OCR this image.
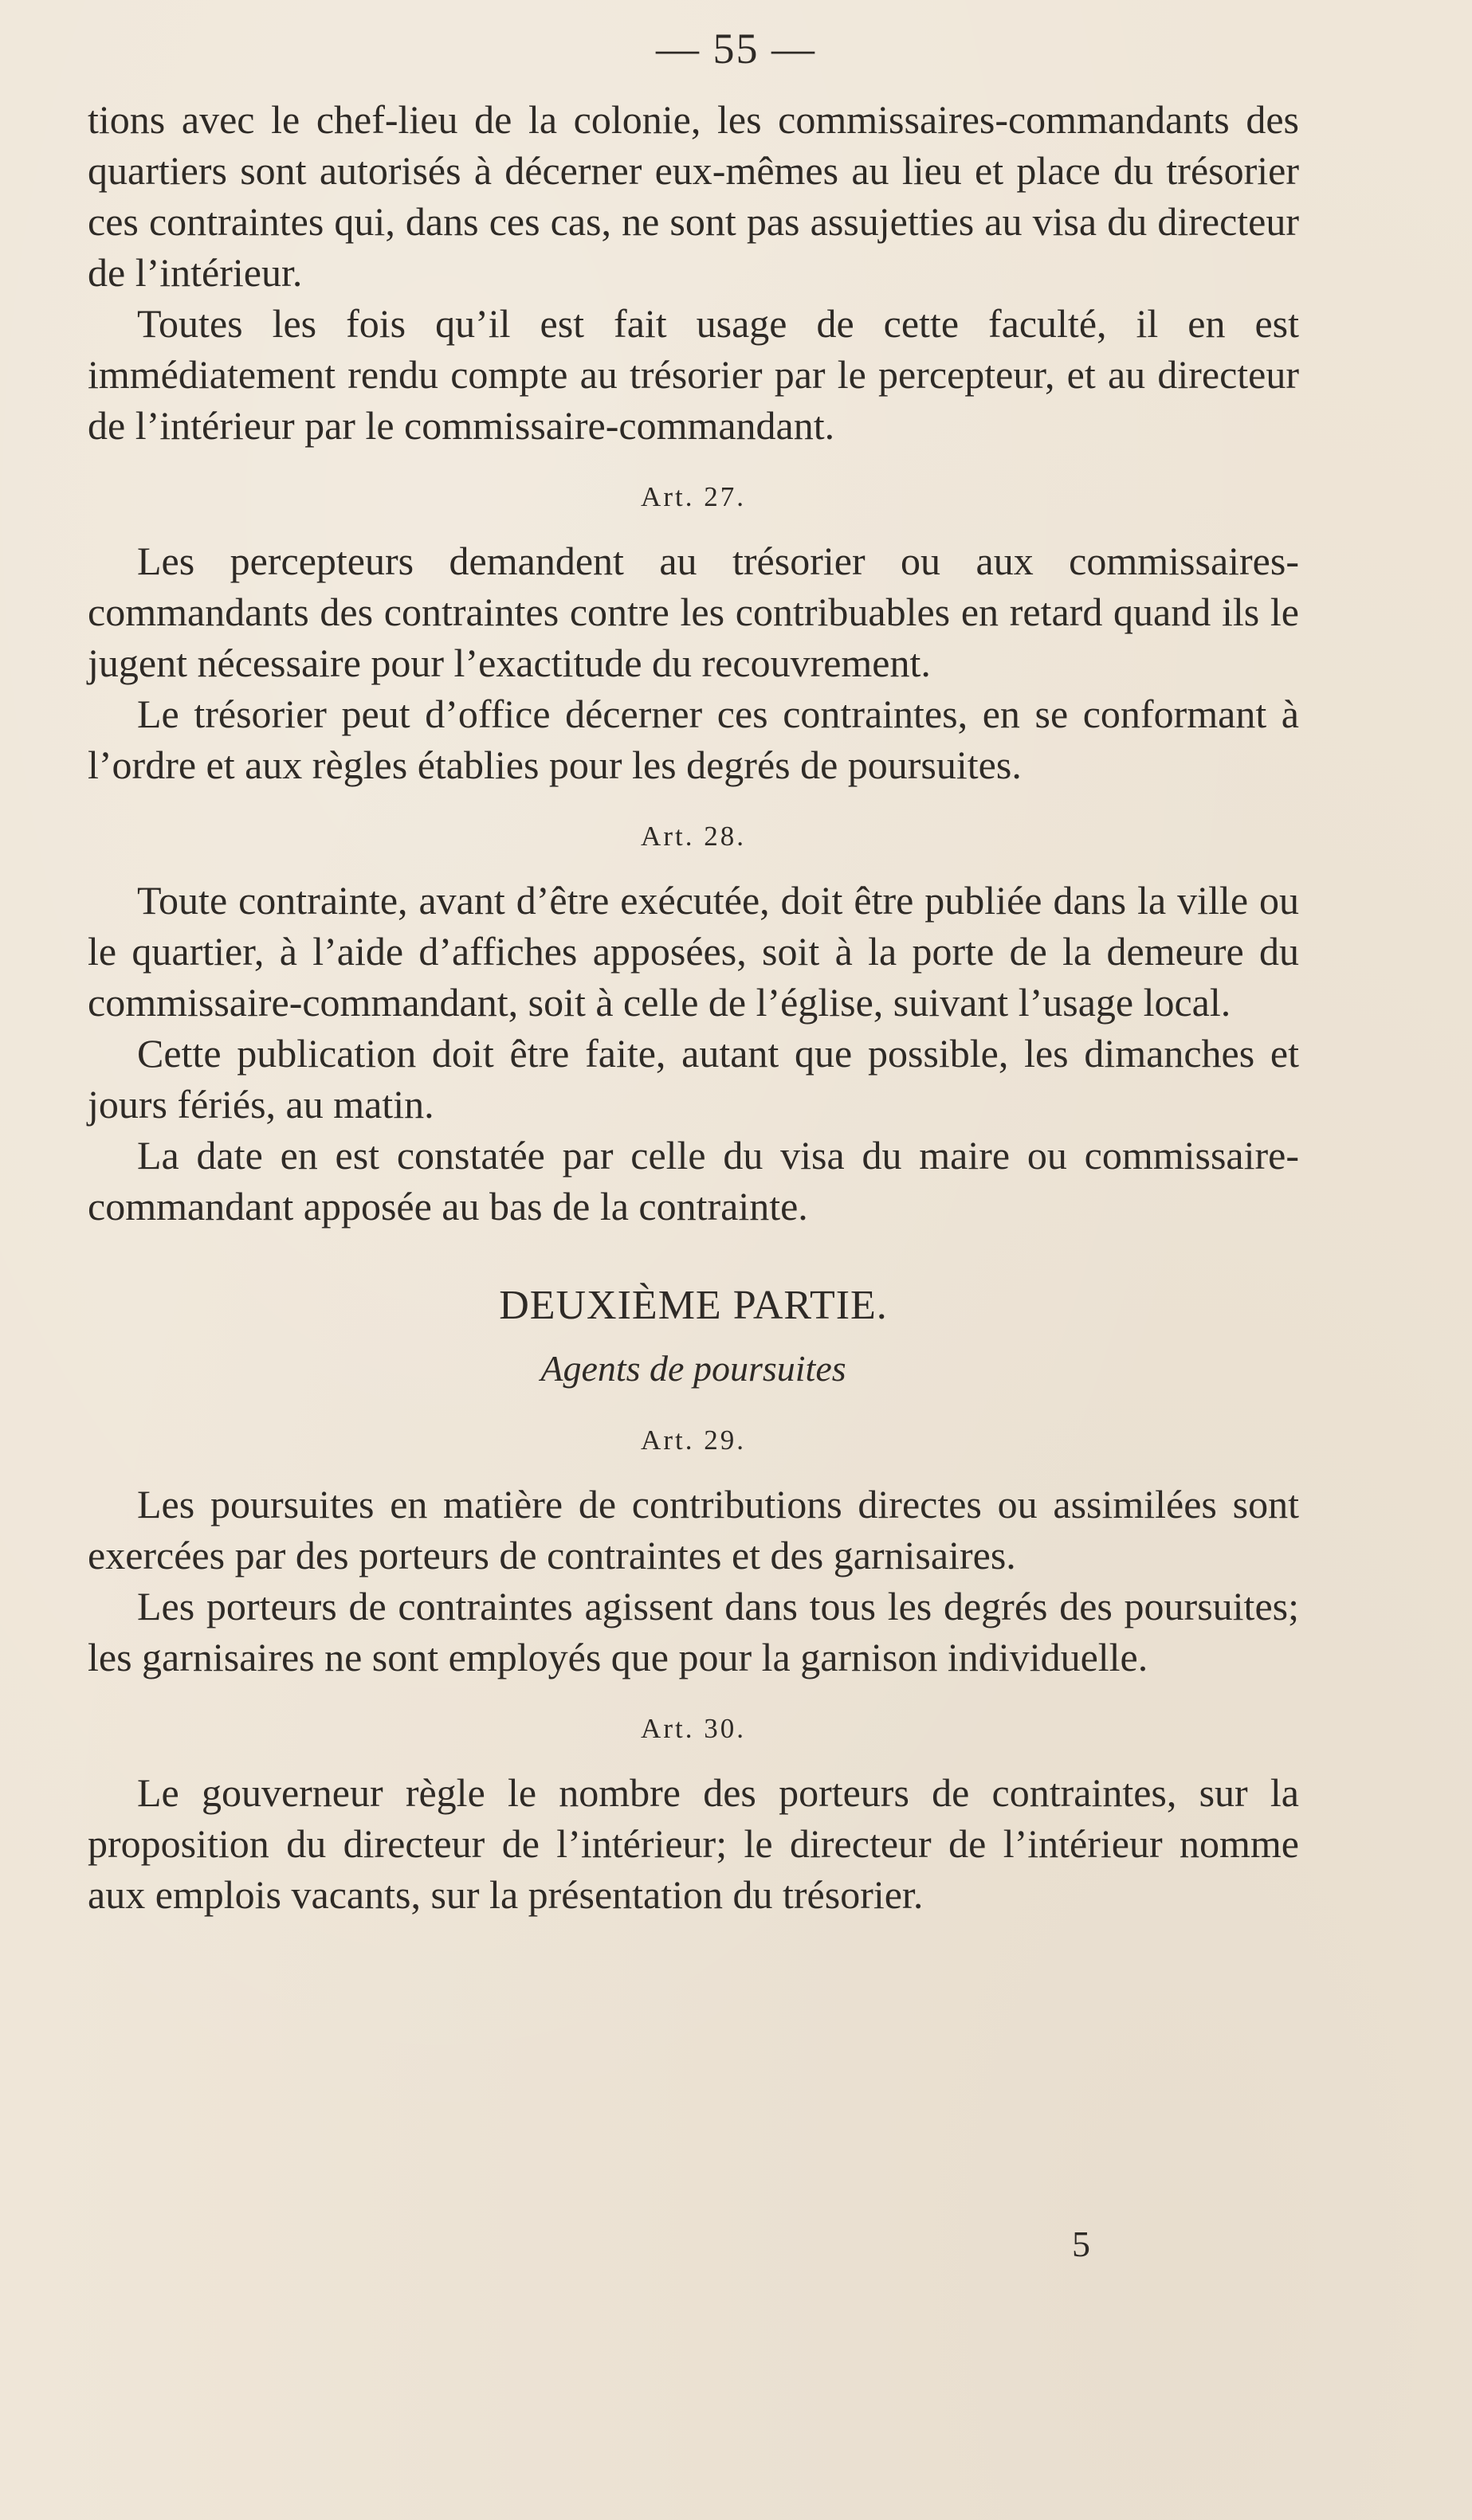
— 55 —

tions avec le chef-lieu de la colonie, les commissaires-commandants des quartiers sont autorisés à décerner eux-mêmes au lieu et place du trésorier ces contraintes qui, dans ces cas, ne sont pas assujetties au visa du directeur de l’intérieur.

Toutes les fois qu’il est fait usage de cette faculté, il en est immédiatement rendu compte au trésorier par le percepteur, et au directeur de l’intérieur par le commissaire-commandant.

Art. 27.

Les percepteurs demandent au trésorier ou aux commissaires-commandants des contraintes contre les contribuables en retard quand ils le jugent nécessaire pour l’exactitude du recouvrement.

Le trésorier peut d’office décerner ces contraintes, en se conformant à l’ordre et aux règles établies pour les degrés de poursuites.

Art. 28.

Toute contrainte, avant d’être exécutée, doit être publiée dans la ville ou le quartier, à l’aide d’affiches apposées, soit à la porte de la demeure du commissaire-commandant, soit à celle de l’église, suivant l’usage local.

Cette publication doit être faite, autant que possible, les dimanches et jours fériés, au matin.

La date en est constatée par celle du visa du maire ou commissaire-commandant apposée au bas de la contrainte.

DEUXIÈME PARTIE.
Agents de poursuites
Art. 29.

Les poursuites en matière de contributions directes ou assimilées sont exercées par des porteurs de contraintes et des garnisaires.

Les porteurs de contraintes agissent dans tous les degrés des poursuites; les garnisaires ne sont employés que pour la garnison individuelle.

Art. 30.

Le gouverneur règle le nombre des porteurs de contraintes, sur la proposition du directeur de l’intérieur; le directeur de l’intérieur nomme aux emplois vacants, sur la présentation du trésorier.

5
